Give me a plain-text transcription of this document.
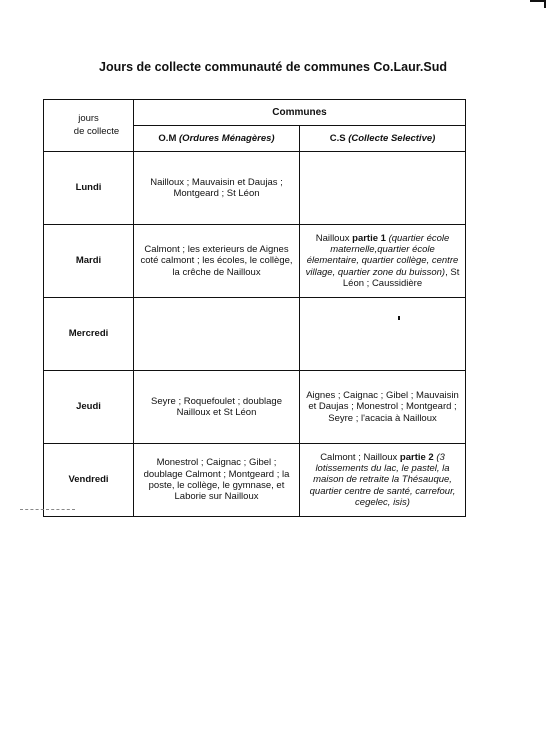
Jours de collecte communauté de communes Co.Laur.Sud
jours
de collecte	Communes	
	O.M (Ordures Ménagères)	C.S (Collecte Selective)
Lundi	Nailloux ; Mauvaisin et Daujas ; Montgeard ; St Léon	
Mardi	Calmont ; les exterieurs de Aignes coté calmont ; les écoles, le collège, la crêche de Nailloux	Nailloux partie 1 (quartier école maternelle,quartier école élementaire, quartier collège, centre village, quartier zone du buisson), St Léon ; Caussidière
Mercredi		

Jeudi	Seyre ; Roquefoulet ; doublage Nailloux et St Léon	Aignes ; Caignac ; Gibel ; Mauvaisin et Daujas ; Monestrol ; Montgeard ; Seyre ; l'acacia à Nailloux
Vendredi	Monestrol ; Caignac ; Gibel ; doublage Calmont ; Montgeard ; la poste, le collège, le gymnase, et Laborie sur Nailloux	Calmont ; Nailloux partie 2 (3 lotissements du lac, le pastel, la maison de retraite la Thésauque, quartier centre de santé, carrefour, cegelec, isis)
